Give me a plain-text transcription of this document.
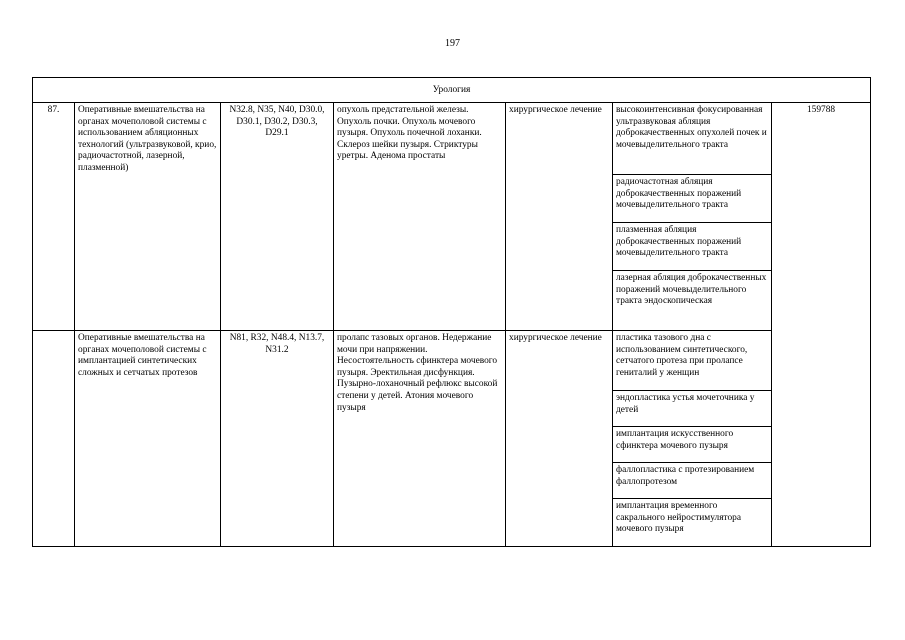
197
Урология						
87.	Оперативные вмешательства на органах мочеполовой системы с использованием абляционных технологий (ультразвуковой, крио, радиочастотной, лазерной, плазменной)	N32.8, N35, N40, D30.0, D30.1, D30.2, D30.3, D29.1	опухоль предстательной железы. Опухоль почки. Опухоль мочевого пузыря. Опухоль почечной лоханки. Склероз шейки пузыря. Стриктуры уретры. Аденома простаты	хирургическое лечение	высокоинтенсивная фокусированная ультразвуковая абляция доброкачественных опухолей почек и мочевыделительного тракта	159788
					радиочастотная абляция доброкачественных поражений мочевыделительного тракта	
					плазменная абляция доброкачественных поражений мочевыделительного тракта	
					лазерная абляция доброкачественных поражений мочевыделительного тракта эндоскопическая	
	Оперативные вмешательства на органах мочеполовой системы с имплантацией синтетических сложных и сетчатых протезов	N81, R32, N48.4, N13.7, N31.2	пролапс тазовых органов. Недержание мочи при напряжении. Несостоятельность сфинктера мочевого пузыря. Эректильная дисфункция. Пузырно-лоханочный рефлюкс высокой степени у детей. Атония мочевого пузыря	хирургическое лечение	пластика тазового дна с использованием синтетического, сетчатого протеза при пролапсе гениталий у женщин	
					эндопластика устья мочеточника у детей	
					имплантация искусственного сфинктера мочевого пузыря	
					фаллопластика с протезированием фаллопротезом	
					имплантация временного сакрального нейростимулятора мочевого пузыря	
